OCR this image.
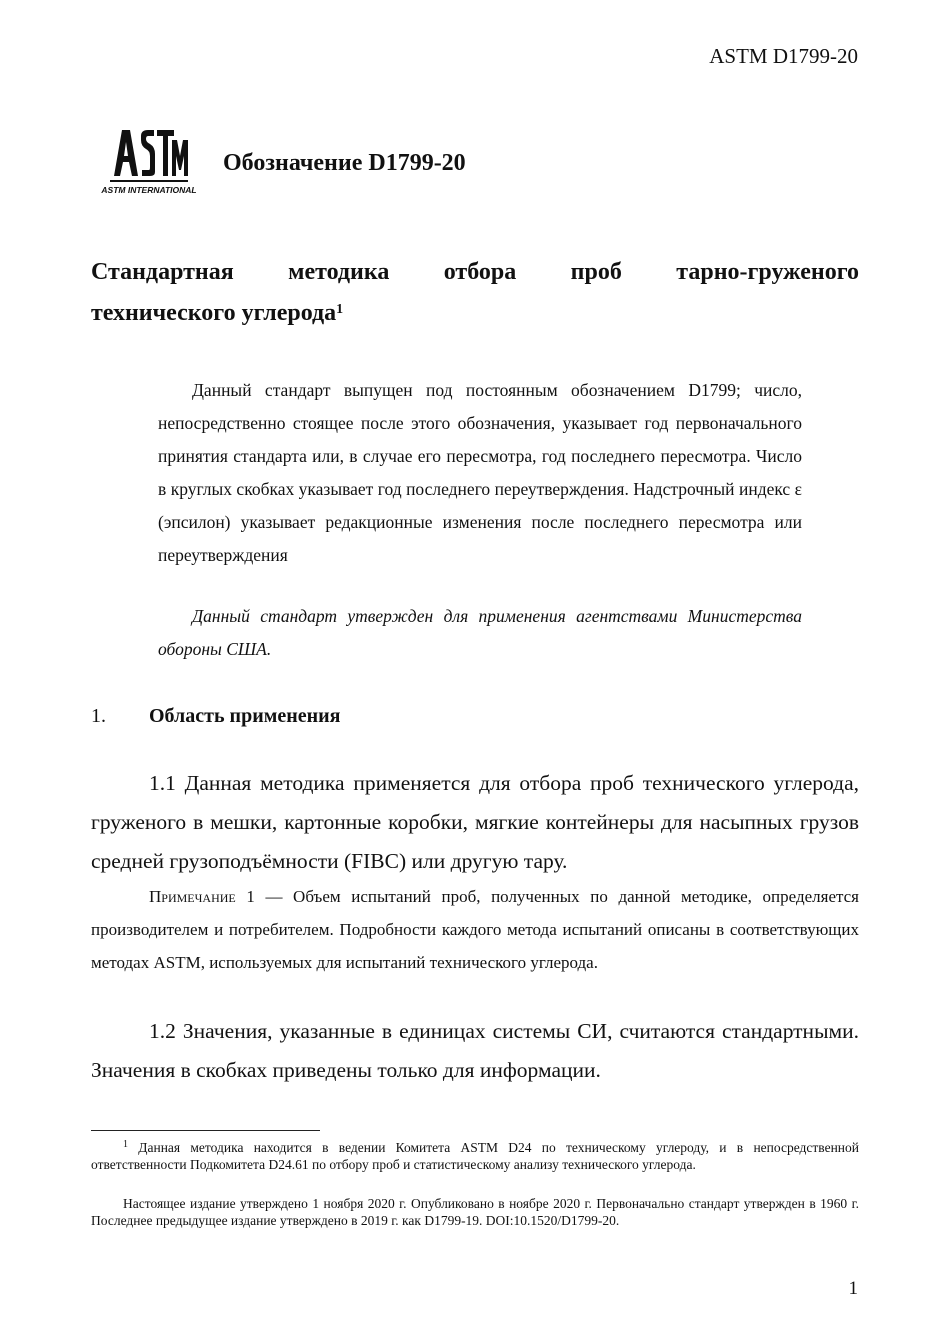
ASTM D1799-20
ASTM INTERNATIONAL
Обозначение D1799-20
Стандартная методика отбора проб тарно-груженого
технического углерода$^1$
Данный стандарт выпущен под постоянным обозначением D1799; число, непосредственно стоящее после этого обозначения, указывает год первоначального принятия стандарта или, в случае его пересмотра, год последнего пересмотра. Число в круглых скобках указывает год последнего переутверждения. Надстрочный индекс ε (эпсилон) указывает редакционные изменения после последнего пересмотра или переутверждения
Данный стандарт утвержден для применения агентствами Министерства обороны США.
1. Область применения
1.1 Данная методика применяется для отбора проб технического углерода, груженого в мешки, картонные коробки, мягкие контейнеры для насыпных грузов средней грузоподъёмности (FIBC) или другую тару.
Примечание 1 — Объем испытаний проб, полученных по данной методике, определяется производителем и потребителем. Подробности каждого метода испытаний описаны в соответствующих методах ASTM, используемых для испытаний технического углерода.
1.2 Значения, указанные в единицах системы СИ, считаются стандартными. Значения в скобках приведены только для информации.
$^1$ Данная методика находится в ведении Комитета ASTM D24 по техническому углероду, и в непосредственной ответственности Подкомитета D24.61 по отбору проб и статистическому анализу технического углерода.
Настоящее издание утверждено 1 ноября 2020 г. Опубликовано в ноябре 2020 г. Первоначально стандарт утвержден в 1960 г. Последнее предыдущее издание утверждено в 2019 г. как D1799-19. DOI:10.1520/D1799-20.
1
